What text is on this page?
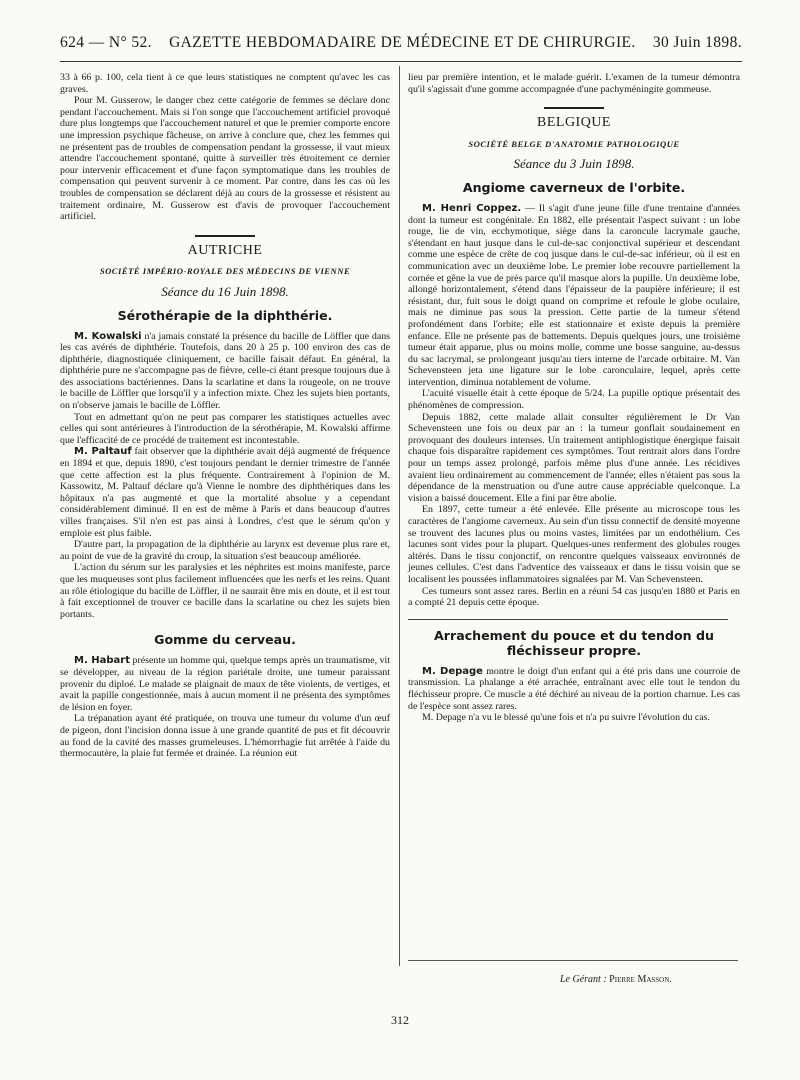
624 — N° 52. GAZETTE HEBDOMADAIRE DE MÉDECINE ET DE CHIRURGIE. 30 Juin 1898.

33 à 66 p. 100, cela tient à ce que leurs statistiques ne comptent qu'avec les cas graves.

Pour M. Gusserow, le danger chez cette catégorie de femmes se déclare donc pendant l'accouchement. Mais si l'on songe que l'accouchement artificiel provoqué dure plus longtemps que l'accouchement naturel et que le premier comporte encore une impression psychique fâcheuse, on arrive à conclure que, chez les femmes qui ne présentent pas de troubles de compensation pendant la grossesse, il vaut mieux attendre l'accouchement spontané, quitte à surveiller très étroitement ce dernier pour intervenir efficacement et d'une façon symptomatique dans les troubles de compensation qui peuvent survenir à ce moment. Par contre, dans les cas où les troubles de compensation se déclarent déjà au cours de la grossesse et résistent au traitement ordinaire, M. Gusserow est d'avis de provoquer l'accouchement artificiel.

AUTRICHE
SOCIÉTÉ IMPÉRIO-ROYALE DES MÉDECINS DE VIENNE
Séance du 16 Juin 1898.
Sérothérapie de la diphthérie.

M. Kowalski n'a jamais constaté la présence du bacille de Löffler que dans les cas avérés de diphthérie. Toutefois, dans 20 à 25 p. 100 environ des cas de diphthérie, diagnostiquée cliniquement, ce bacille faisait défaut. En général, la diphthérie pure ne s'accompagne pas de fièvre, celle-ci étant presque toujours due à des associations bactériennes. Dans la scarlatine et dans la rougeole, on ne trouve le bacille de Löffler que lorsqu'il y a infection mixte. Chez les sujets bien portants, on n'observe jamais le bacille de Löffler.

Tout en admettant qu'on ne peut pas comparer les statistiques actuelles avec celles qui sont antérieures à l'introduction de la sérothérapie, M. Kowalski affirme que l'efficacité de ce procédé de traitement est incontestable.

M. Paltauf fait observer que la diphthérie avait déjà augmenté de fréquence en 1894 et que, depuis 1890, c'est toujours pendant le dernier trimestre de l'année que cette affection est la plus fréquente. Contrairement à l'opinion de M. Kassowitz, M. Paltauf déclare qu'à Vienne le nombre des diphthériques dans les hôpitaux n'a pas augmenté et que la mortalité absolue y a cependant considérablement diminué. Il en est de même à Paris et dans beaucoup d'autres villes françaises. S'il n'en est pas ainsi à Londres, c'est que le sérum qu'on y emploie est plus faible.

D'autre part, la propagation de la diphthérie au larynx est devenue plus rare et, au point de vue de la gravité du croup, la situation s'est beaucoup améliorée.

L'action du sérum sur les paralysies et les néphrites est moins manifeste, parce que les muqueuses sont plus facilement influencées que les nerfs et les reins. Quant au rôle étiologique du bacille de Löffler, il ne saurait être mis en doute, et il est tout à fait exceptionnel de trouver ce bacille dans la scarlatine ou chez les sujets bien portants.

Gomme du cerveau.

M. Habart présente un homme qui, quelque temps après un traumatisme, vit se développer, au niveau de la région pariétale droite, une tumeur paraissant provenir du diploé. Le malade se plaignait de maux de tête violents, de vertiges, et avait la papille congestionnée, mais à aucun moment il ne présenta des symptômes de lésion en foyer.

La trépanation ayant été pratiquée, on trouva une tumeur du volume d'un œuf de pigeon, dont l'incision donna issue à une grande quantité de pus et fit découvrir au fond de la cavité des masses grumeleuses. L'hémorrhagie fut arrêtée à l'aide du thermocautère, la plaie fut fermée et drainée. La réunion eut

lieu par première intention, et le malade guérit. L'examen de la tumeur démontra qu'il s'agissait d'une gomme accompagnée d'une pachyméningite gommeuse.

BELGIQUE
SOCIÉTÉ BELGE D'ANATOMIE PATHOLOGIQUE
Séance du 3 Juin 1898.
Angiome caverneux de l'orbite.

M. Henri Coppez. — Il s'agit d'une jeune fille d'une trentaine d'années dont la tumeur est congénitale. En 1882, elle présentait l'aspect suivant : un lobe rouge, lie de vin, ecchymotique, siège dans la caroncule lacrymale gauche, s'étendant en haut jusque dans le cul-de-sac conjonctival supérieur et descendant comme une espèce de crête de coq jusque dans le cul-de-sac inférieur, où il est en communication avec un deuxième lobe. Le premier lobe recouvre partiellement la cornée et gêne la vue de près parce qu'il masque alors la pupille. Un deuxième lobe, allongé horizontalement, s'étend dans l'épaisseur de la paupière inférieure; il est résistant, dur, fuit sous le doigt quand on comprime et refoule le globe oculaire, mais ne diminue pas sous la pression. Cette partie de la tumeur s'étend profondément dans l'orbite; elle est stationnaire et existe depuis la première enfance. Elle ne présente pas de battements. Depuis quelques jours, une troisième tumeur était apparue, plus ou moins molle, comme une bosse sanguine, au-dessus du sac lacrymal, se prolongeant jusqu'au tiers interne de l'arcade orbitaire. M. Van Schevensteen jeta une ligature sur le lobe caronculaire, lequel, après cette intervention, diminua notablement de volume.

L'acuité visuelle était à cette époque de 5/24. La pupille optique présentait des phénomènes de compression.

Depuis 1882, cette malade allait consulter régulièrement le Dr Van Schevensteen une fois ou deux par an : la tumeur gonflait soudainement en provoquant des douleurs intenses. Un traitement antiphlogistique énergique faisait chaque fois disparaître rapidement ces symptômes. Tout rentrait alors dans l'ordre pour un temps assez prolongé, parfois même plus d'une année. Les récidives avaient lieu ordinairement au commencement de l'année; elles n'étaient pas sous la dépendance de la menstruation ou d'une autre cause appréciable quelconque. La vision a baissé doucement. Elle a fini par être abolie.

En 1897, cette tumeur a été enlevée. Elle présente au microscope tous les caractères de l'angiome caverneux. Au sein d'un tissu connectif de densité moyenne se trouvent des lacunes plus ou moins vastes, limitées par un endothélium. Ces lacunes sont vides pour la plupart. Quelques-unes renferment des globules rouges altérés. Dans le tissu conjonctif, on rencontre quelques vaisseaux environnés de jeunes cellules. C'est dans l'adventice des vaisseaux et dans le tissu voisin que se localisent les poussées inflammatoires signalées par M. Van Schevensteen.

Ces tumeurs sont assez rares. Berlin en a réuni 54 cas jusqu'en 1880 et Paris en a compté 21 depuis cette époque.

Arrachement du pouce et du tendon du fléchisseur propre.

M. Depage montre le doigt d'un enfant qui a été pris dans une courroie de transmission. La phalange a été arrachée, entraînant avec elle tout le tendon du fléchisseur propre. Ce muscle a été déchiré au niveau de la portion charnue. Les cas de l'espèce sont assez rares.

M. Depage n'a vu le blessé qu'une fois et n'a pu suivre l'évolution du cas.

Le Gérant : Pierre Masson.
312
